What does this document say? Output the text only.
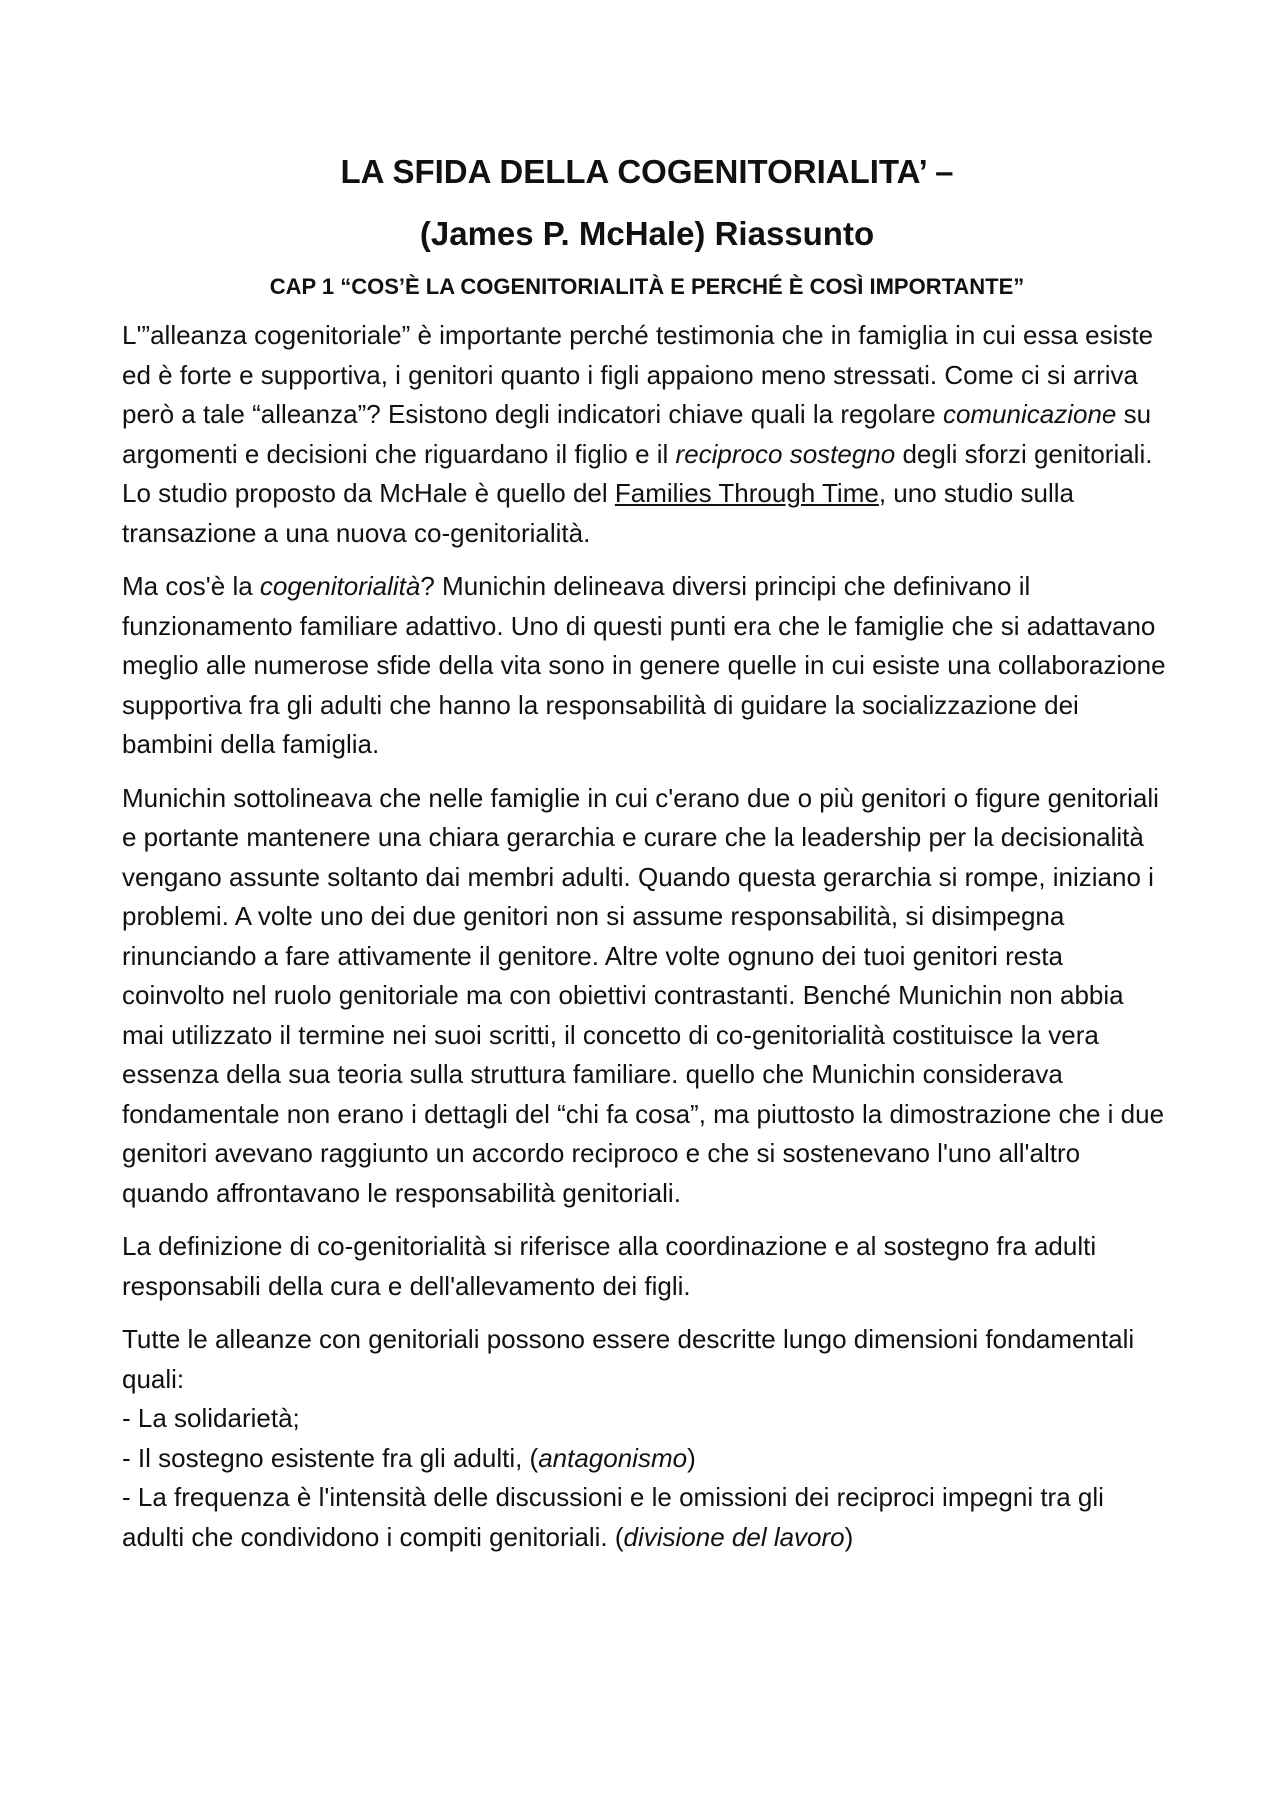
LA SFIDA DELLA COGENITORIALITA’ –
(James P. McHale) Riassunto
CAP 1 “COS’È LA COGENITORIALITÀ E PERCHÉ È COSÌ IMPORTANTE”

L'”alleanza cogenitoriale” è importante perché testimonia che in famiglia in cui essa esiste ed è forte e supportiva, i genitori quanto i figli appaiono meno stressati. Come ci si arriva però a tale “alleanza”? Esistono degli indicatori chiave quali la regolare comunicazione su argomenti e decisioni che riguardano il figlio e il reciproco sostegno degli sforzi genitoriali. Lo studio proposto da McHale è quello del Families Through Time, uno studio sulla transazione a una nuova co-genitorialità.

Ma cos'è la cogenitorialità? Munichin delineava diversi principi che definivano il funzionamento familiare adattivo. Uno di questi punti era che le famiglie che si adattavano meglio alle numerose sfide della vita sono in genere quelle in cui esiste una collaborazione supportiva fra gli adulti che hanno la responsabilità di guidare la socializzazione dei bambini della famiglia.

Munichin sottolineava che nelle famiglie in cui c'erano due o più genitori o figure genitoriali e portante mantenere una chiara gerarchia e curare che la leadership per la decisionalità vengano assunte soltanto dai membri adulti. Quando questa gerarchia si rompe, iniziano i problemi. A volte uno dei due genitori non si assume responsabilità, si disimpegna rinunciando a fare attivamente il genitore. Altre volte ognuno dei tuoi genitori resta coinvolto nel ruolo genitoriale ma con obiettivi contrastanti. Benché Munichin non abbia mai utilizzato il termine nei suoi scritti, il concetto di co-genitorialità costituisce la vera essenza della sua teoria sulla struttura familiare. quello che Munichin considerava fondamentale non erano i dettagli del “chi fa cosa”, ma piuttosto la dimostrazione che i due genitori avevano raggiunto un accordo reciproco e che si sostenevano l'uno all'altro quando affrontavano le responsabilità genitoriali.

La definizione di co-genitorialità si riferisce alla coordinazione e al sostegno fra adulti responsabili della cura e dell'allevamento dei figli.

Tutte le alleanze con genitoriali possono essere descritte lungo dimensioni fondamentali quali:
- La solidarietà;
- Il sostegno esistente fra gli adulti, (antagonismo)
- La frequenza è l'intensità delle discussioni e le omissioni dei reciproci impegni tra gli adulti che condividono i compiti genitoriali. (divisione del lavoro)
